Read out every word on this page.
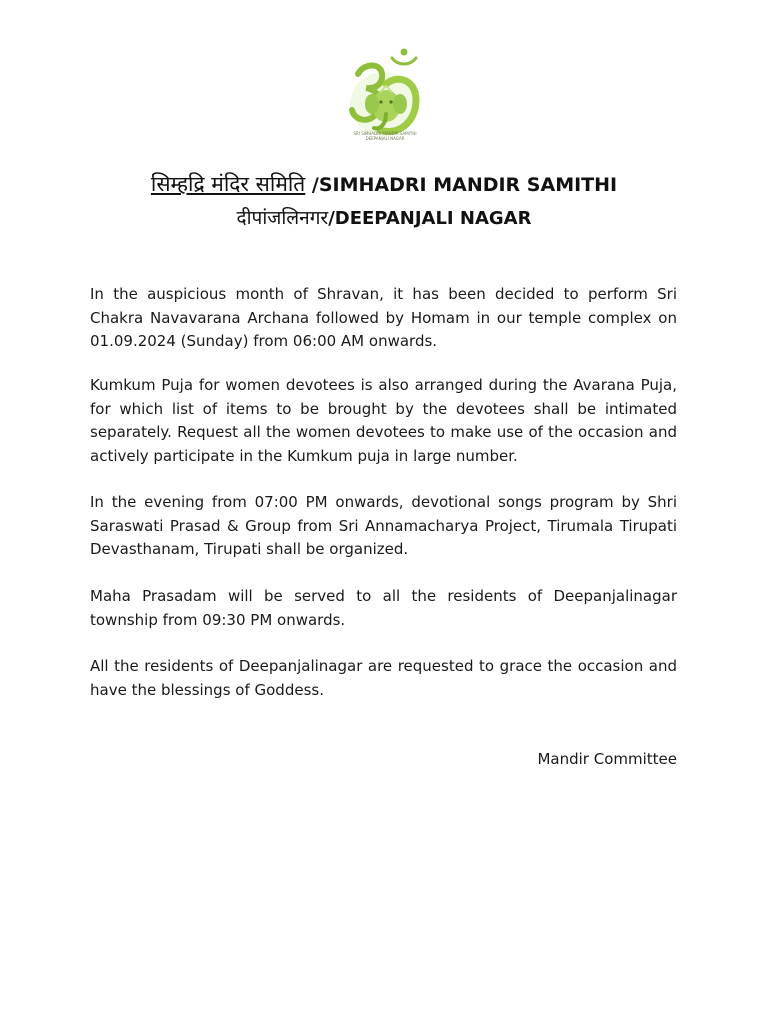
SRI SIMHADRI MANDIR SAMITHI
DEEPANJALI NAGAR
सिम्हद्रि मंदिर समिति /SIMHADRI MANDIR SAMITHI
दीपांजलिनगर/DEEPANJALI NAGAR

In the auspicious month of Shravan, it has been decided to perform Sri Chakra Navavarana Archana followed by Homam in our temple complex on 01.09.2024 (Sunday) from 06:00 AM onwards.

Kumkum Puja for women devotees is also arranged during the Avarana Puja, for which list of items to be brought by the devotees shall be intimated separately. Request all the women devotees to make use of the occasion and actively participate in the Kumkum puja in large number.

In the evening from 07:00 PM onwards, devotional songs program by Shri Saraswati Prasad & Group from Sri Annamacharya Project, Tirumala Tirupati Devasthanam, Tirupati shall be organized.

Maha Prasadam will be served to all the residents of Deepanjalinagar township from 09:30 PM onwards.

All the residents of Deepanjalinagar are requested to grace the occasion and have the blessings of Goddess.

Mandir Committee
